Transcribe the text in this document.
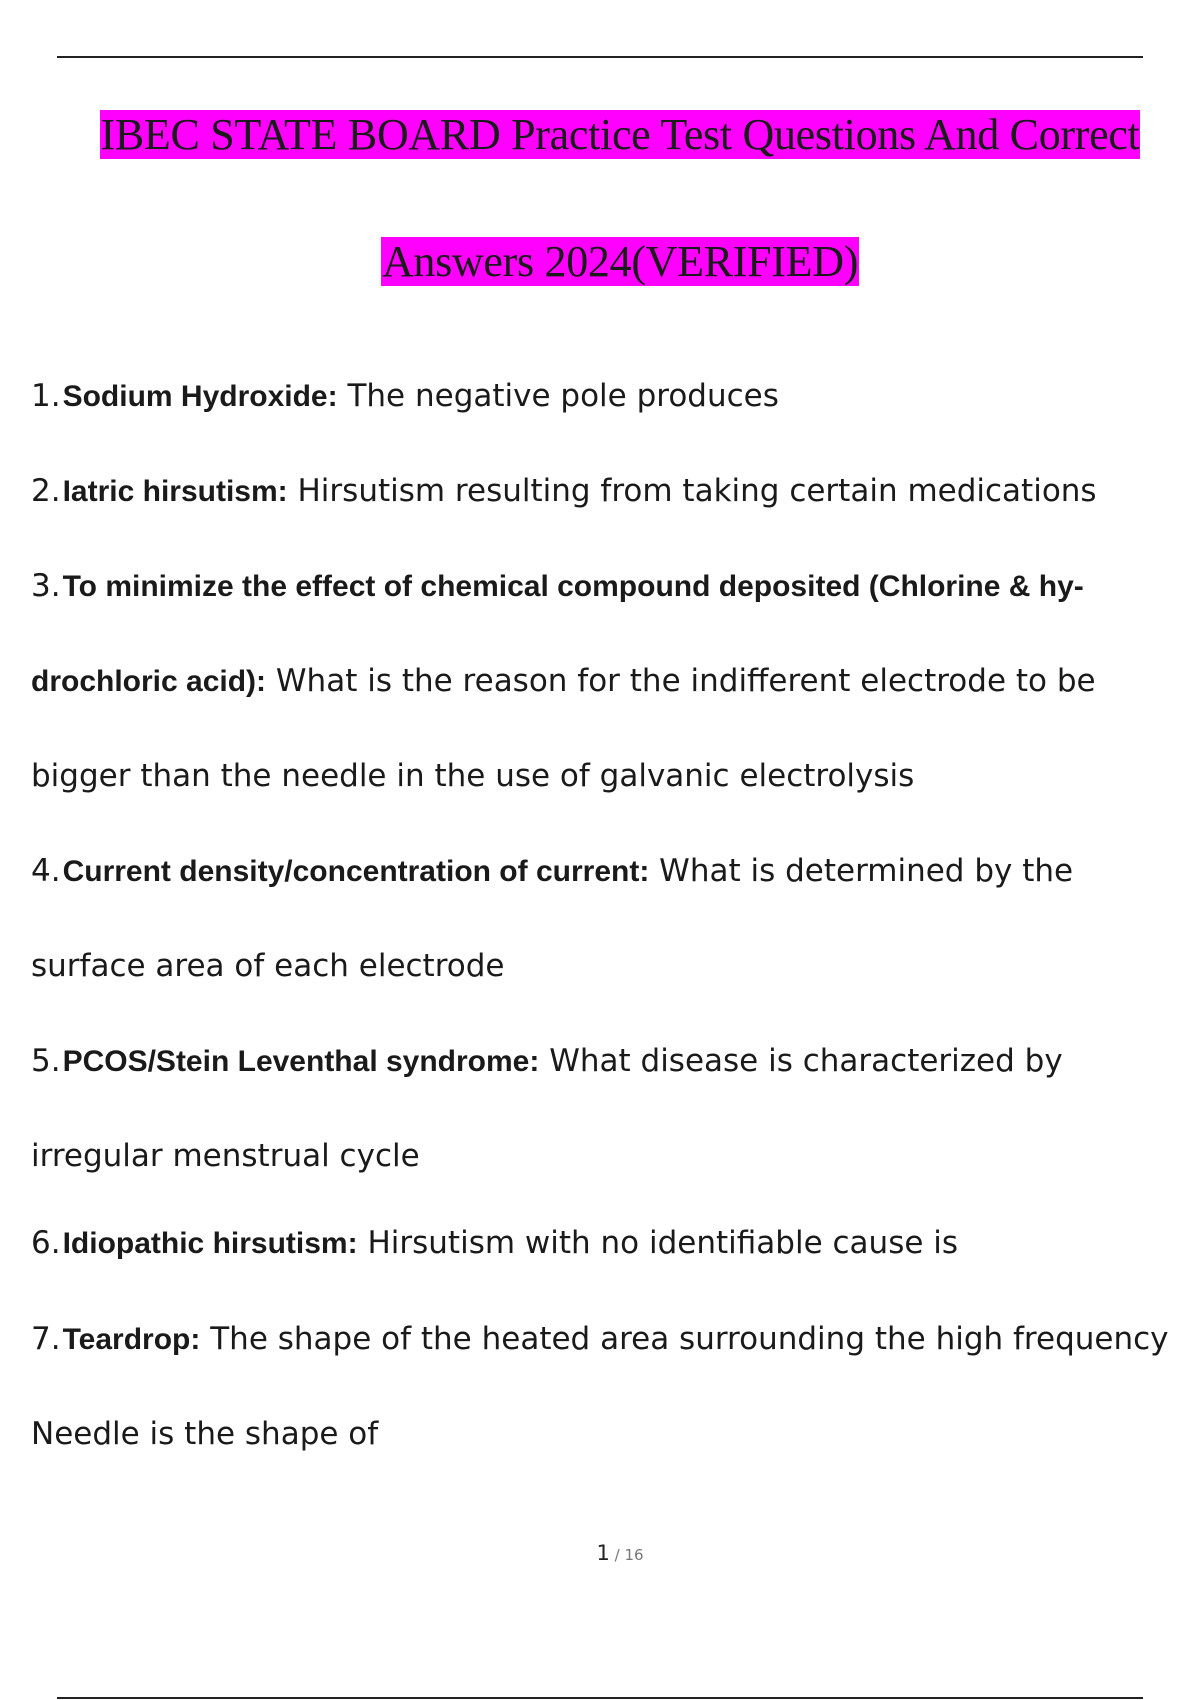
IBEC STATE BOARD Practice Test Questions And Correct
Answers 2024(VERIFIED)

1.Sodium Hydroxide: The negative pole produces

2.Iatric hirsutism: Hirsutism resulting from taking certain medications

3.To minimize the effect of chemical compound deposited (Chlorine & hy- drochloric acid): What is the reason for the indifferent electrode to be bigger than the needle in the use of galvanic electrolysis

4.Current density/concentration of current: What is determined by the surface area of each electrode

5.PCOS/Stein Leventhal syndrome: What disease is characterized by irregular menstrual cycle

6.Idiopathic hirsutism: Hirsutism with no identifiable cause is

7.Teardrop: The shape of the heated area surrounding the high frequency Needle is the shape of

1 / 16
